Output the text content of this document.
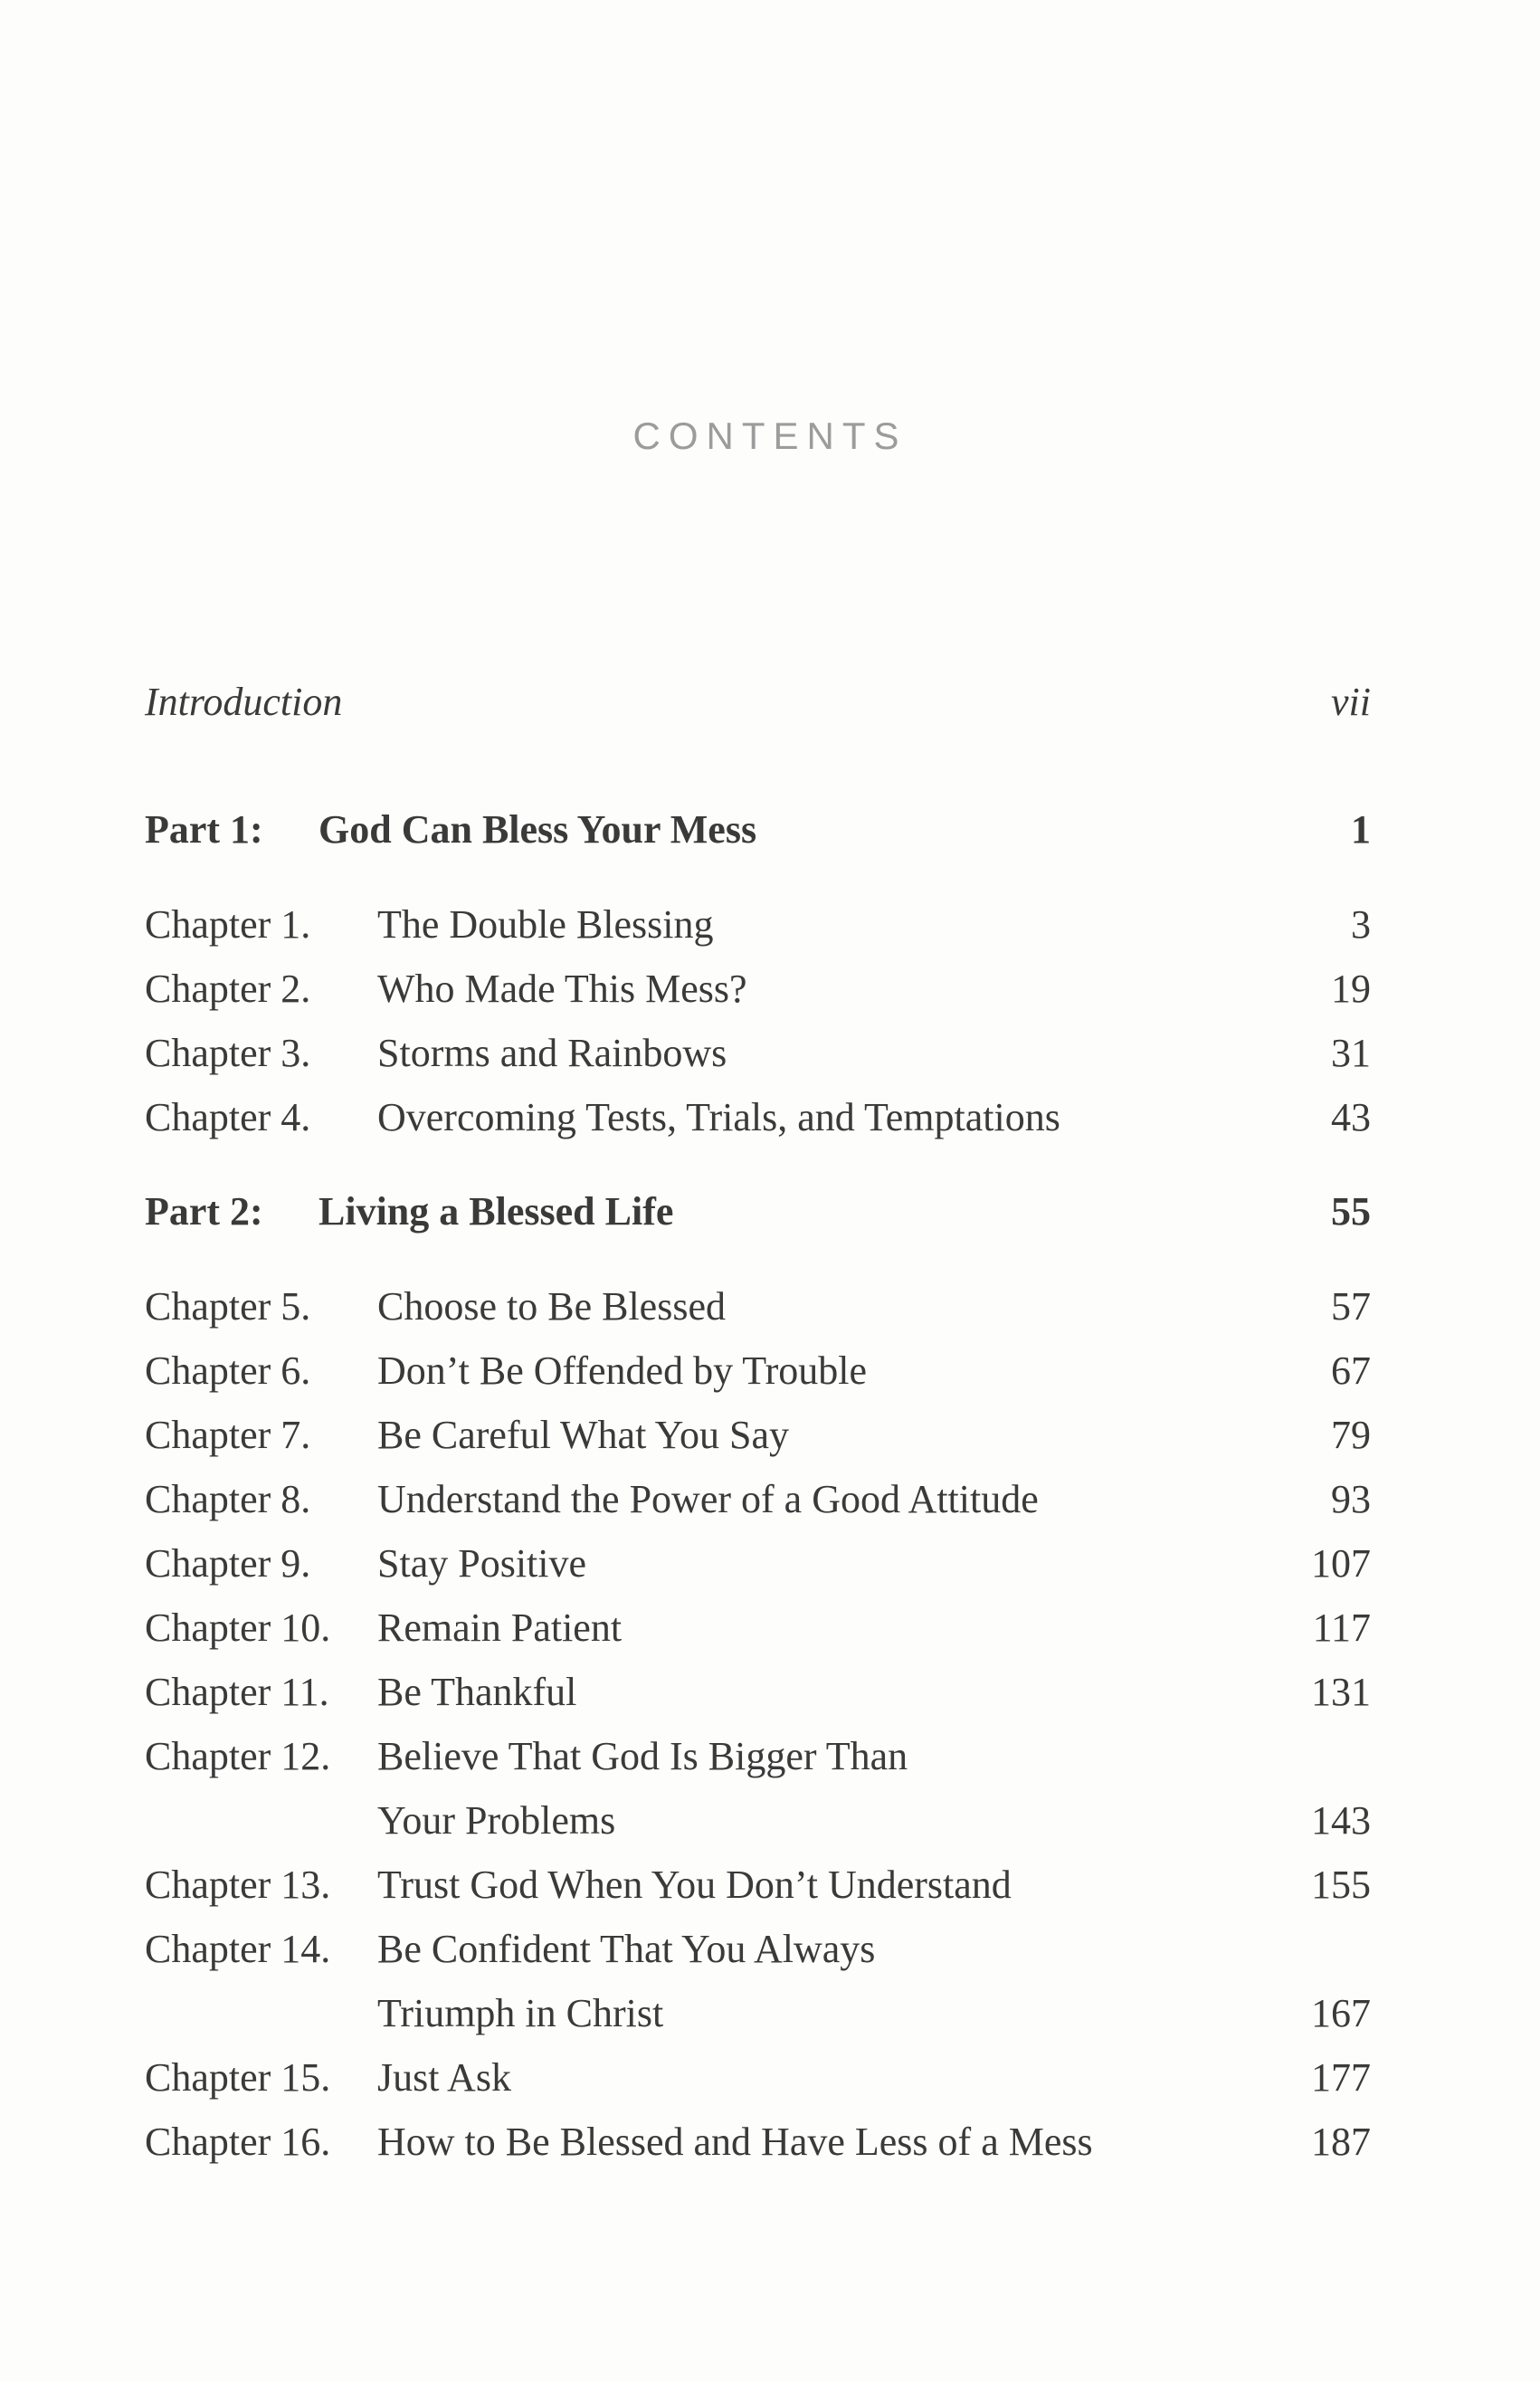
CONTENTS
Introduction	vii
Part 1: God Can Bless Your Mess	1
Chapter 1. The Double Blessing	3
Chapter 2. Who Made This Mess?	19
Chapter 3. Storms and Rainbows	31
Chapter 4. Overcoming Tests, Trials, and Temptations	43
Part 2: Living a Blessed Life	55
Chapter 5. Choose to Be Blessed	57
Chapter 6. Don’t Be Offended by Trouble	67
Chapter 7. Be Careful What You Say	79
Chapter 8. Understand the Power of a Good Attitude	93
Chapter 9. Stay Positive	107
Chapter 10. Remain Patient	117
Chapter 11. Be Thankful	131
Chapter 12. Believe That God Is Bigger Than
Your Problems	143
Chapter 13. Trust God When You Don’t Understand	155
Chapter 14. Be Confident That You Always
Triumph in Christ	167
Chapter 15. Just Ask	177
Chapter 16. How to Be Blessed and Have Less of a Mess	187
